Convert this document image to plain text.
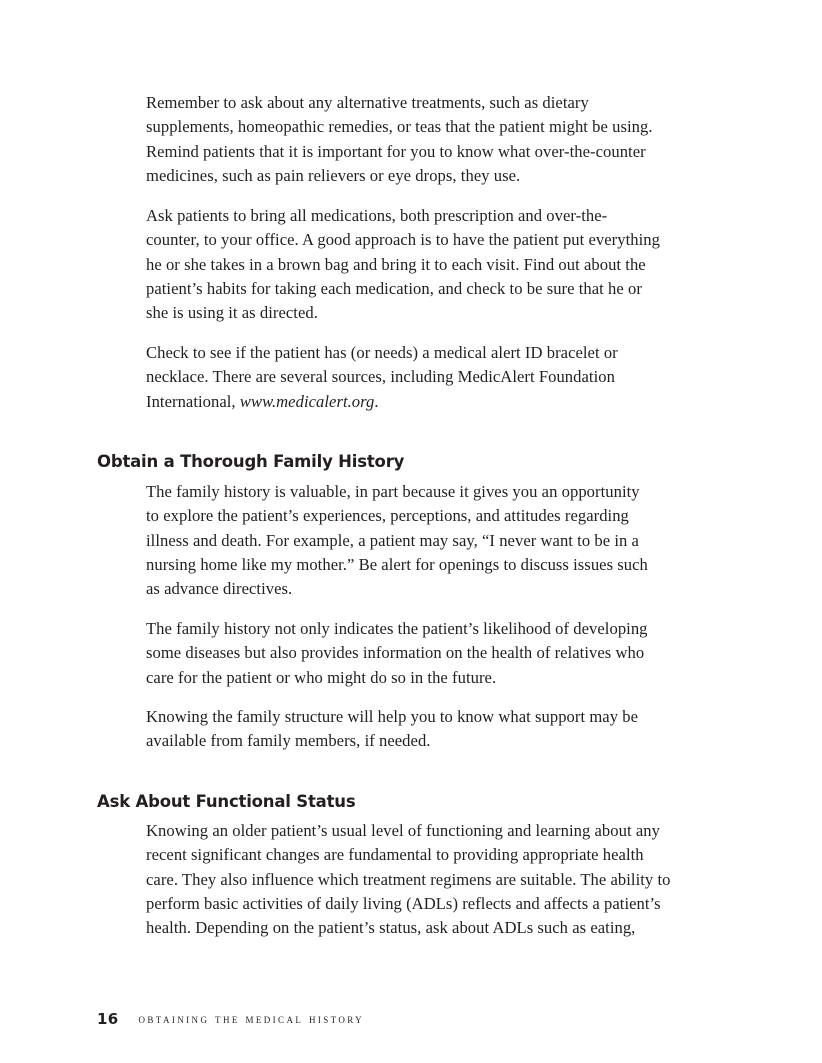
Remember to ask about any alternative treatments, such as dietary
supplements, homeopathic remedies, or teas that the patient might be using.
Remind patients that it is important for you to know what over-the-counter
medicines, such as pain relievers or eye drops, they use.

Ask patients to bring all medications, both prescription and over-the-
counter, to your office. A good approach is to have the patient put everything
he or she takes in a brown bag and bring it to each visit. Find out about the
patient’s habits for taking each medication, and check to be sure that he or
she is using it as directed.

Check to see if the patient has (or needs) a medical alert ID bracelet or
necklace. There are several sources, including MedicAlert Foundation
International, www.medicalert.org.

Obtain a Thorough Family History

The family history is valuable, in part because it gives you an opportunity
to explore the patient’s experiences, perceptions, and attitudes regarding
illness and death. For example, a patient may say, “I never want to be in a
nursing home like my mother.” Be alert for openings to discuss issues such
as advance directives.

The family history not only indicates the patient’s likelihood of developing
some diseases but also provides information on the health of relatives who
care for the patient or who might do so in the future.

Knowing the family structure will help you to know what support may be
available from family members, if needed.

Ask About Functional Status

Knowing an older patient’s usual level of functioning and learning about any
recent significant changes are fundamental to providing appropriate health
care. They also influence which treatment regimens are suitable. The ability to
perform basic activities of daily living (ADLs) reflects and affects a patient’s
health. Depending on the patient’s status, ask about ADLs such as eating,

16 obtaining the medical history
